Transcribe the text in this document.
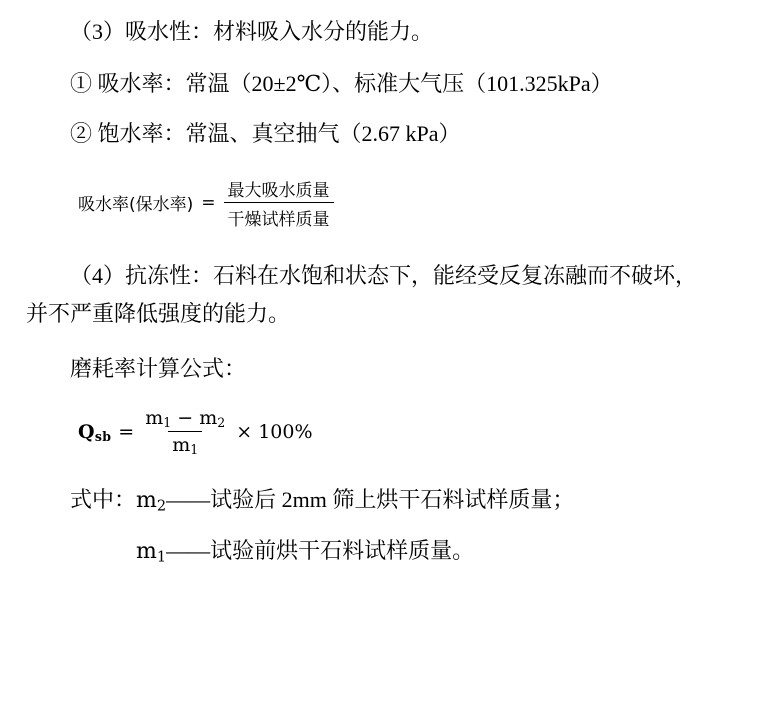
（3）吸水性：材料吸入水分的能力。

① 吸水率：常温（20±2℃）、标准大气压（101.325kPa）

② 饱水率：常温、真空抽气（2.67 kPa）

吸水率(保水率) = $\frac{\text{最大吸水质量}}{\text{干燥试样质量}}$

（4）抗冻性：石料在水饱和状态下，能经受反复冻融而不破坏，

并不严重降低强度的能力。

磨耗率计算公式：

$Q_{sb} = \frac{m_1 - m_2}{m_1} \times 100\%$

式中：$m_2——$试验后 2mm 筛上烘干石料试样质量；

$m_1——$试验前烘干石料试样质量。
